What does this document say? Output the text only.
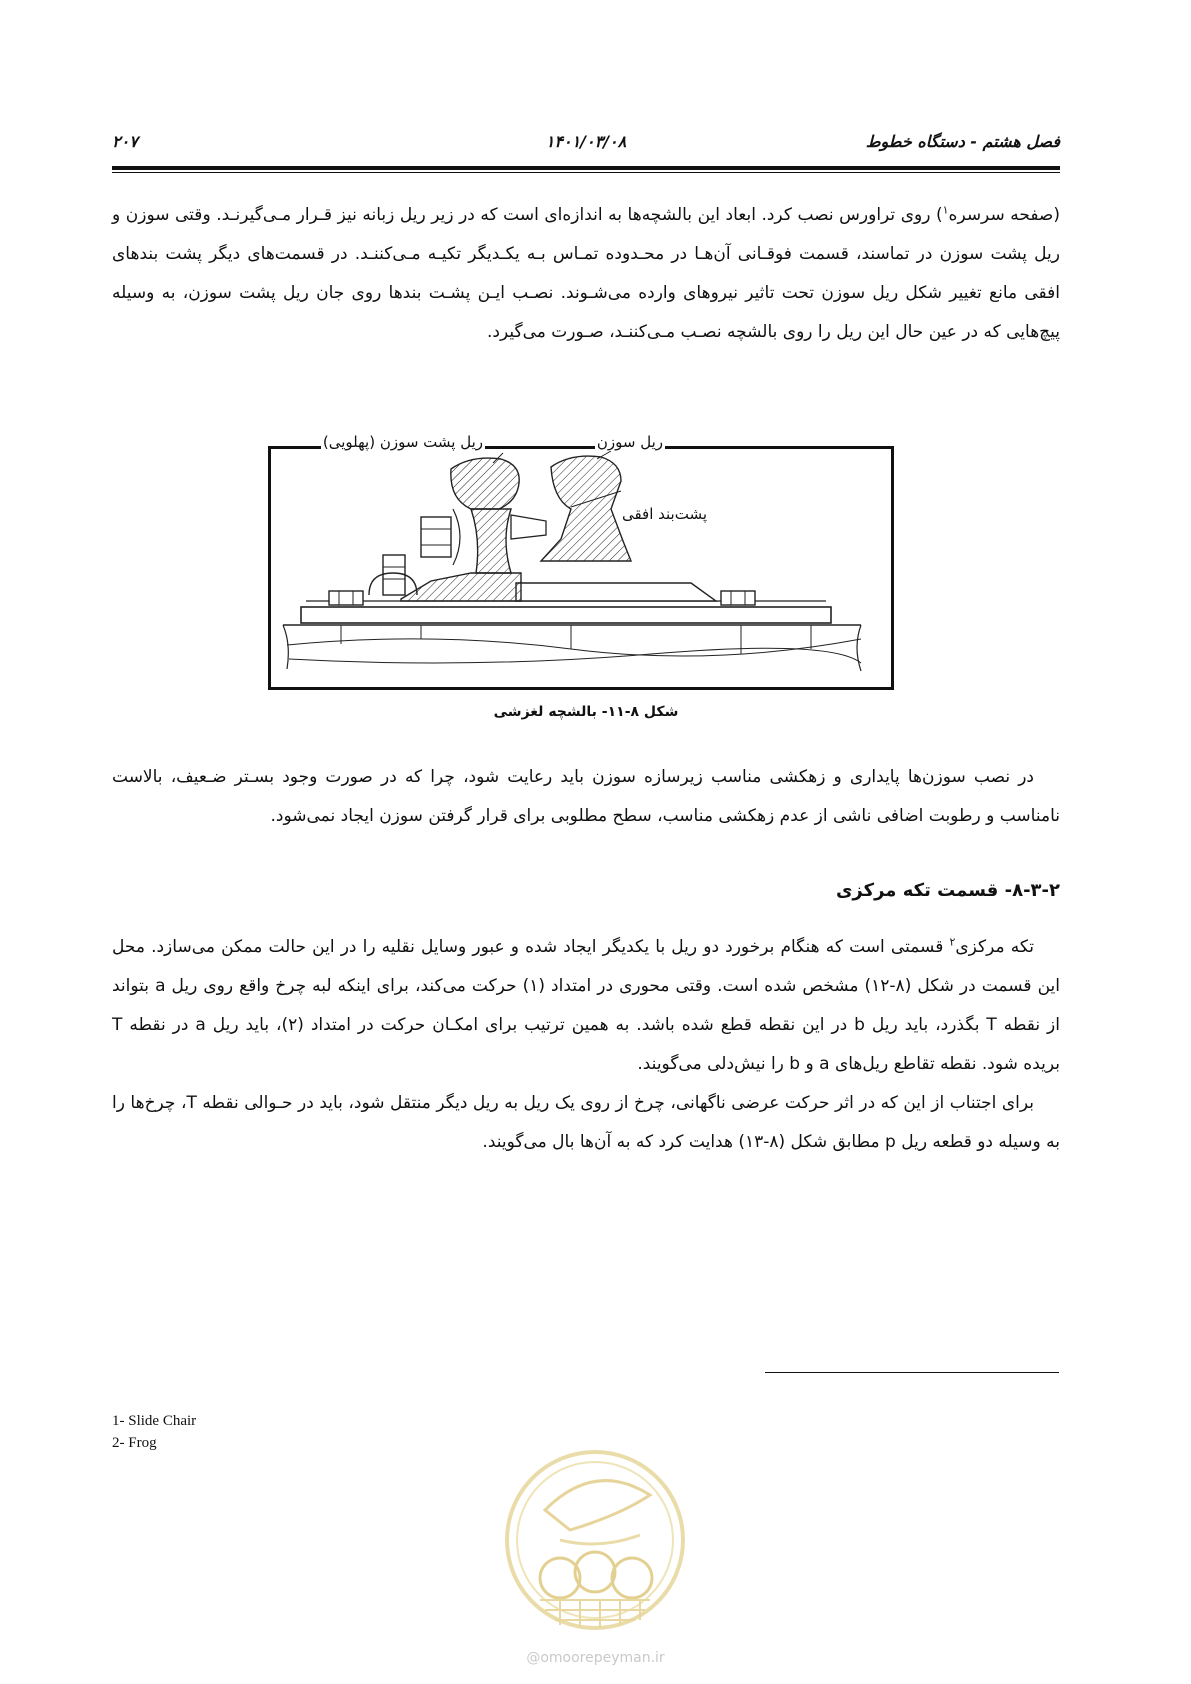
فصل هشتم - دستگاه خطوط
۱۴۰۱/۰۳/۰۸
۲۰۷

(صفحه سرسره$^۱$) روی تراورس نصب کرد. ابعاد این بالشچه‌ها به اندازه‌ای است که در زیر ریل زبانه نیز قـرار مـی‌گیرنـد. وقتی سوزن و ریل پشت سوزن در تماسند، قسمت فوقـانی آن‌هـا در محـدوده تمـاس بـه یکـدیگر تکیـه مـی‌کننـد. در قسمت‌های دیگر پشت بندهای افقی مانع تغییر شکل ریل سوزن تحت تاثیر نیروهای وارده می‌شـوند. نصـب ایـن پشـت بندها روی جان ریل پشت سوزن، به وسیله پیچ‌هایی که در عین حال این ریل را روی بالشچه نصـب مـی‌کننـد، صـورت می‌گیرد.

ریل پشت سوزن (پهلویی)	ریل سوزن
پشت‌بند افقی
شکل ۸-۱۱- بالشچه لغزشی

در نصب سوزن‌ها پایداری و زهکشی مناسب زیرسازه سوزن باید رعایت شود، چرا که در صورت وجود بسـتر ضـعیف، بالاست نامناسب و رطوبت اضافی ناشی از عدم زهکشی مناسب، سطح مطلوبی برای قرار گرفتن سوزن ایجاد نمی‌شود.

۸-۳-۲- قسمت تکه مرکزی

تکه مرکزی$^۲$ قسمتی است که هنگام برخورد دو ریل با یکدیگر ایجاد شده و عبور وسایل نقلیه را در این حالت ممکن می‌سازد. محل این قسمت در شکل (۸-۱۲) مشخص شده است. وقتی محوری در امتداد (۱) حرکت می‌کند، برای اینکه لبه چرخ واقع روی ریل a بتواند از نقطه T بگذرد، باید ریل b در این نقطه قطع شده باشد. به همین ترتیب برای امکـان حرکت در امتداد (۲)، باید ریل a در نقطه T بریده شود. نقطه تقاطع ریل‌های a و b را نیش‌دلی می‌گویند.

برای اجتناب از این که در اثر حرکت عرضی ناگهانی، چرخ از روی یک ریل به ریل دیگر منتقل شود، باید در حـوالی نقطه T، چرخ‌ها را به وسیله دو قطعه ریل p مطابق شکل (۸-۱۳) هدایت کرد که به آن‌ها بال می‌گویند.

1- Slide Chair
2- Frog
@omoorepeyman.ir
